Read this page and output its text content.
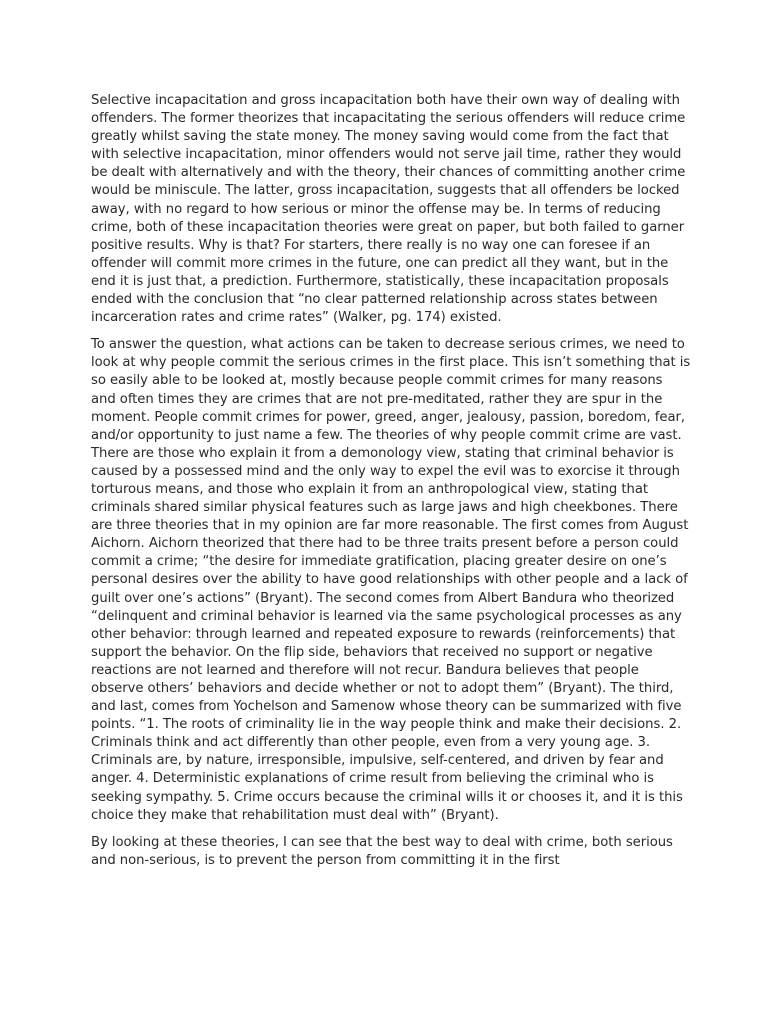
Selective incapacitation and gross incapacitation both have their own way of dealing with offenders. The former theorizes that incapacitating the serious offenders will reduce crime greatly whilst saving the state money. The money saving would come from the fact that with selective incapacitation, minor offenders would not serve jail time, rather they would be dealt with alternatively and with the theory, their chances of committing another crime would be miniscule. The latter, gross incapacitation, suggests that all offenders be locked away, with no regard to how serious or minor the offense may be. In terms of reducing crime, both of these incapacitation theories were great on paper, but both failed to garner positive results. Why is that? For starters, there really is no way one can foresee if an offender will commit more crimes in the future, one can predict all they want, but in the end it is just that, a prediction. Furthermore, statistically, these incapacitation proposals ended with the conclusion that “no clear patterned relationship across states between incarceration rates and crime rates” (Walker, pg. 174) existed.

To answer the question, what actions can be taken to decrease serious crimes, we need to look at why people commit the serious crimes in the first place. This isn’t something that is so easily able to be looked at, mostly because people commit crimes for many reasons and often times they are crimes that are not pre-meditated, rather they are spur in the moment. People commit crimes for power, greed, anger, jealousy, passion, boredom, fear, and/or opportunity to just name a few. The theories of why people commit crime are vast. There are those who explain it from a demonology view, stating that criminal behavior is caused by a possessed mind and the only way to expel the evil was to exorcise it through torturous means, and those who explain it from an anthropological view, stating that criminals shared similar physical features such as large jaws and high cheekbones. There are three theories that in my opinion are far more reasonable. The first comes from August Aichorn. Aichorn theorized that there had to be three traits present before a person could commit a crime; “the desire for immediate gratification, placing greater desire on one’s personal desires over the ability to have good relationships with other people and a lack of guilt over one’s actions” (Bryant). The second comes from Albert Bandura who theorized “delinquent and criminal behavior is learned via the same psychological processes as any other behavior: through learned and repeated exposure to rewards (reinforcements) that support the behavior. On the flip side, behaviors that received no support or negative reactions are not learned and therefore will not recur. Bandura believes that people observe others’ behaviors and decide whether or not to adopt them” (Bryant). The third, and last, comes from Yochelson and Samenow whose theory can be summarized with five points. “1. The roots of criminality lie in the way people think and make their decisions. 2. Criminals think and act differently than other people, even from a very young age. 3. Criminals are, by nature, irresponsible, impulsive, self-centered, and driven by fear and anger. 4. Deterministic explanations of crime result from believing the criminal who is seeking sympathy. 5. Crime occurs because the criminal wills it or chooses it, and it is this choice they make that rehabilitation must deal with” (Bryant).

By looking at these theories, I can see that the best way to deal with crime, both serious and non-serious, is to prevent the person from committing it in the first
